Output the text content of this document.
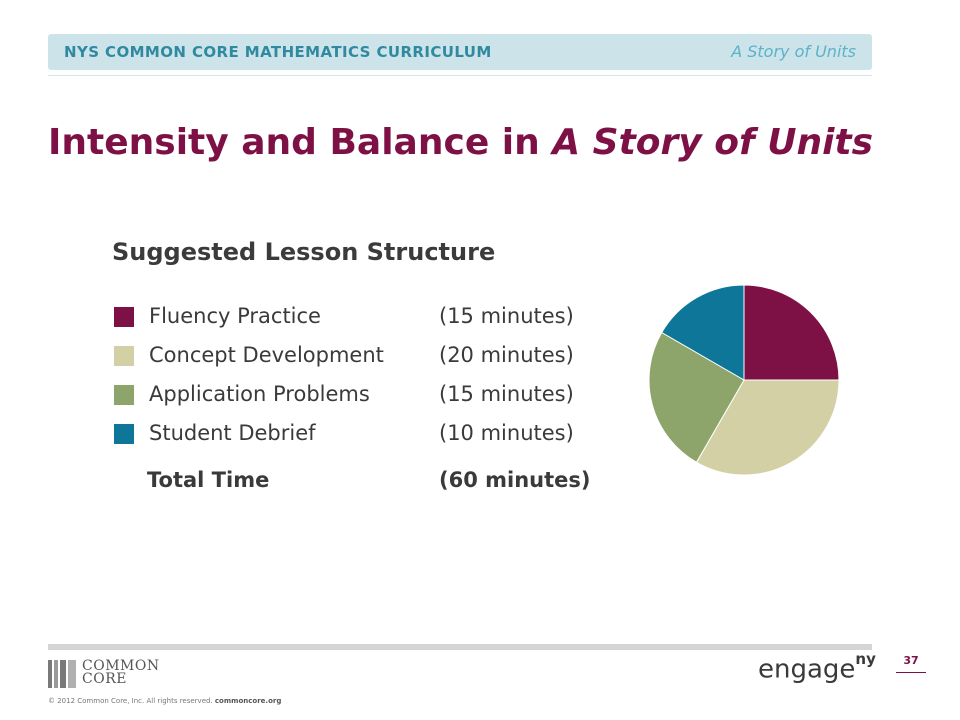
NYS COMMON CORE MATHEMATICS CURRICULUM	A Story of Units
Intensity and Balance in A Story of Units
Suggested Lesson Structure
Fluency Practice	(15 minutes)
Concept Development	(20 minutes)
Application Problems	(15 minutes)
Student Debrief	(10 minutes)
Total Time	(60 minutes)
COMMON
CORE
© 2012 Common Core, Inc. All rights reserved. commoncore.org
engage$^{ny}$	37
